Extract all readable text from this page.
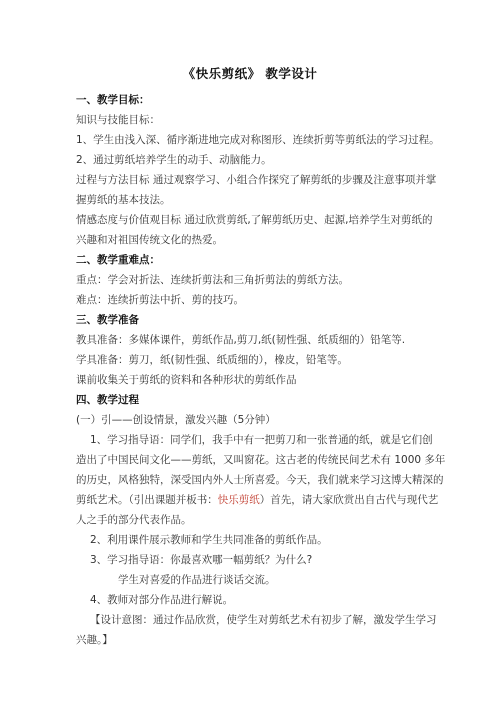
《快乐剪纸》 教学设计
一、教学目标：
知识与技能目标：
1、学生由浅入深、循序渐进地完成对称图形、连续折剪等剪纸法的学习过程。
2、通过剪纸培养学生的动手、动脑能力。
过程与方法目标 通过观察学习、小组合作探究了解剪纸的步骤及注意事项并掌
握剪纸的基本技法。
情感态度与价值观目标 通过欣赏剪纸,了解剪纸历史、起源,培养学生对剪纸的
兴趣和对祖国传统文化的热爱。
二、教学重难点：
重点：学会对折法、连续折剪法和三角折剪法的剪纸方法。
难点：连续折剪法中折、剪的技巧。
三、教学准备
教具准备：多媒体课件，剪纸作品,剪刀,纸(韧性强、纸质细的）铅笔等.
学具准备：剪刀，纸(韧性强、纸质细的），橡皮，铅笔等。
课前收集关于剪纸的资料和各种形状的剪纸作品
四、教学过程
(一）引——创设情景，激发兴趣（5分钟）
1、学习指导语：同学们，我手中有一把剪刀和一张普通的纸，就是它们创
造出了中国民间文化——剪纸，又叫窗花。这古老的传统民间艺术有 1000 多年
的历史，风格独特，深受国内外人士所喜爱。今天，我们就来学习这博大精深的
剪纸艺术。（引出课题并板书：快乐剪纸）首先，请大家欣赏出自古代与现代艺
人之手的部分代表作品。
2、利用课件展示教师和学生共同准备的剪纸作品。
3、学习指导语：你最喜欢哪一幅剪纸？为什么?
学生对喜爱的作品进行谈话交流。
4、教师对部分作品进行解说。
【设计意图：通过作品欣赏，使学生对剪纸艺术有初步了解，激发学生学习
兴趣。】
